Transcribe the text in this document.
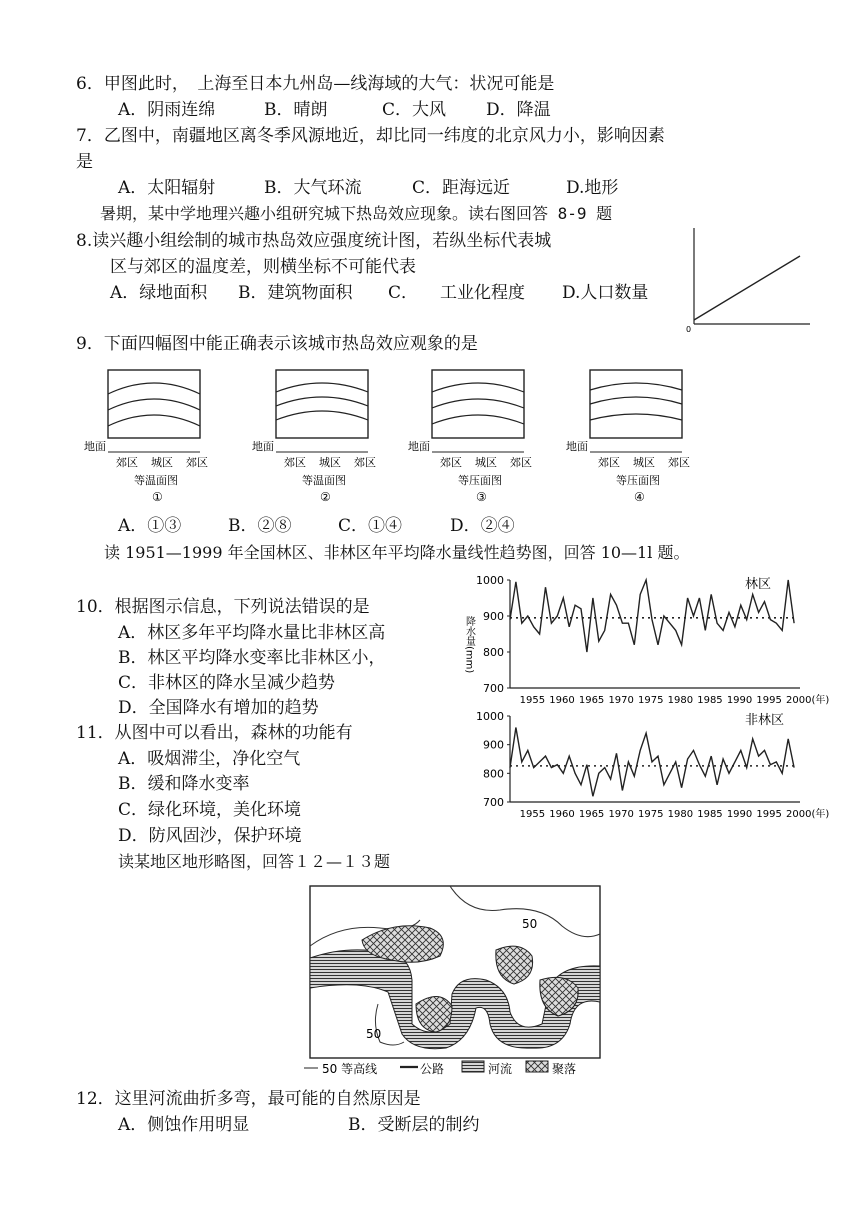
6．甲图此时，　上海至日本九州岛—线海域的大气：状况可能是
A．阴雨连绵	B．晴朗	C．大风 D．降温
7．乙图中，南疆地区离冬季风源地近，却比同一纬度的北京风力小，影响因素
是
A．太阳辐射	B．大气环流	C．距海远近	D.地形
暑期，某中学地理兴趣小组研究城下热岛效应现象。读右图回答 8-9 题
8.读兴趣小组绘制的城市热岛效应强度统计图，若纵坐标代表城
区与郊区的温度差，则横坐标不可能代表
A．绿地面积 B．建筑物面积 C． 工业化程度 D.人口数量
0
9．下面四幅图中能正确表示该城市热岛效应观象的是
地面
郊区 城区 郊区
等温面图
①
地面
郊区 城区 郊区
等温面图
②
地面
郊区 城区 郊区
等压面图
③
地面
郊区 城区 郊区
等压面图
④
A．①③	B．②⑧	C．①④	D．②④
读 1951—1999 年全国林区、非林区年平均降水量线性趋势图，回答 10—1l 题。
10．根据图示信息，下列说法错误的是
A．林区多年平均降水量比非林区高
B．林区平均降水变率比非林区小，
C．非林区的降水呈减少趋势
D．全国降水有增加的趋势
11．从图中可以看出，森林的功能有
A．吸烟滞尘，净化空气
B．缓和降水变率
C．绿化环境，美化环境
D．防风固沙，保护环境
1000
900
800
700
1955 1960 1965 1970 1975 1980 1985 1990 1995 2000(年)
林区
降水量(mm)
1000
900
800
700
1955 1960 1965 1970 1975 1980 1985 1990 1995 2000(年)
非林区
读某地区地形略图，回答１２—１３题
50
50
50 等高线	公路	河流	聚落
12．这里河流曲折多弯，最可能的自然原因是
A．侧蚀作用明显	B．受断层的制约
